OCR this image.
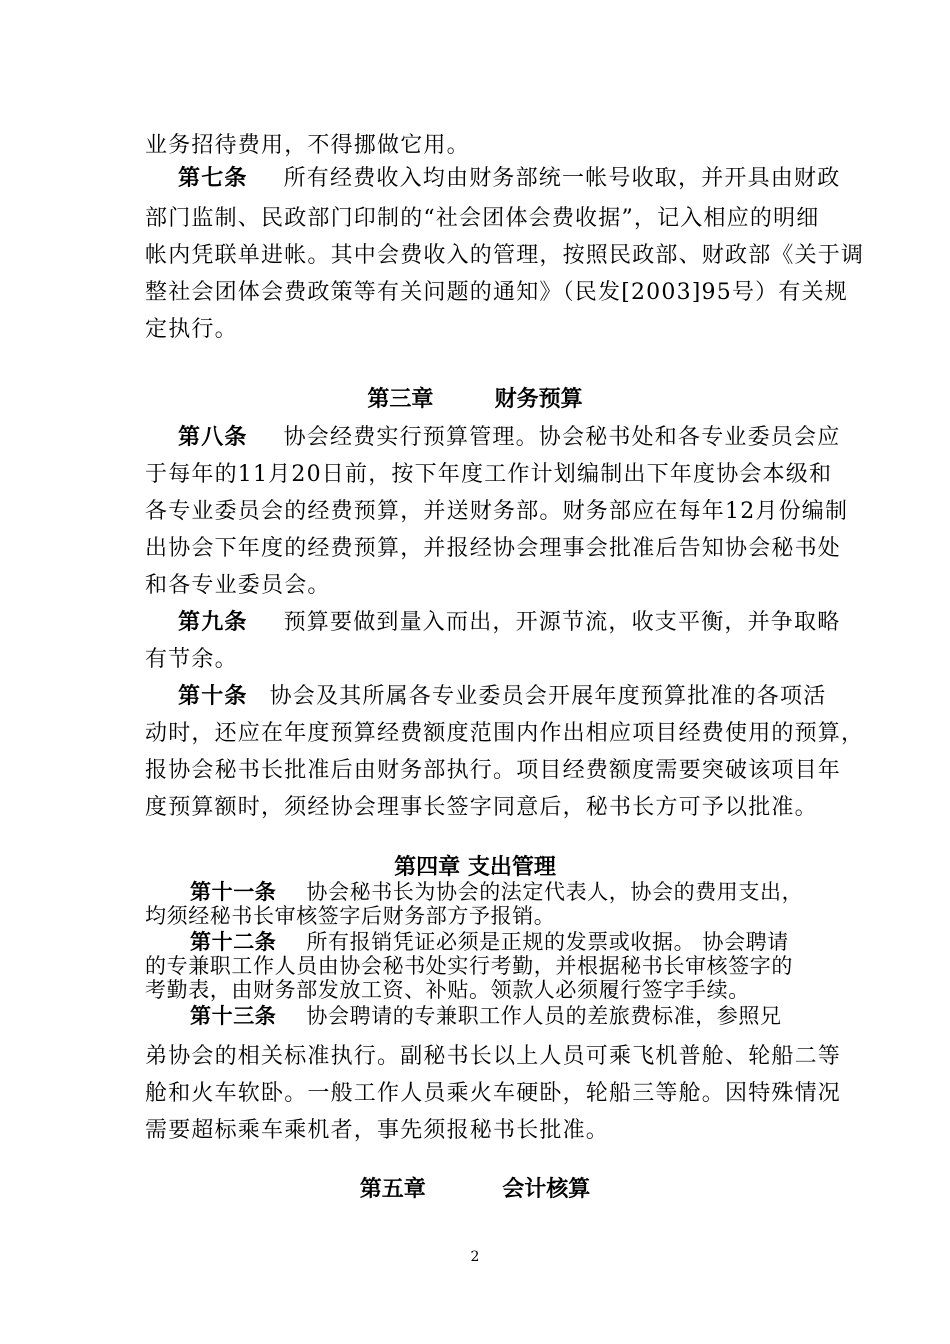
业务招待费用，不得挪做它用。
第七条 所有经费收入均由财务部统一帐号收取，并开具由财政
部门监制、民政部门印制的“社会团体会费收据”，记入相应的明细
帐内凭联单进帐。其中会费收入的管理，按照民政部、财政部《关于调
整社会团体会费政策等有关问题的通知》（民发[2003]95号）有关规
定执行。
第三章        财务预算
第八条 协会经费实行预算管理。协会秘书处和各专业委员会应
于每年的11月20日前，按下年度工作计划编制出下年度协会本级和
各专业委员会的经费预算，并送财务部。财务部应在每年12月份编制
出协会下年度的经费预算，并报经协会理事会批准后告知协会秘书处
和各专业委员会。
第九条 预算要做到量入而出，开源节流，收支平衡，并争取略
有节余。
第十条 协会及其所属各专业委员会开展年度预算批准的各项活
动时，还应在年度预算经费额度范围内作出相应项目经费使用的预算，
报协会秘书长批准后由财务部执行。项目经费额度需要突破该项目年
度预算额时，须经协会理事长签字同意后，秘书长方可予以批准。
第四章 支出管理
第十一条 协会秘书长为协会的法定代表人，协会的费用支出，
均须经秘书长审核签字后财务部方予报销。
第十二条 所有报销凭证必须是正规的发票或收据。 协会聘请
的专兼职工作人员由协会秘书处实行考勤，并根据秘书长审核签字的
考勤表，由财务部发放工资、补贴。领款人必须履行签字手续。
第十三条 协会聘请的专兼职工作人员的差旅费标准，参照兄
弟协会的相关标准执行。副秘书长以上人员可乘飞机普舱、轮船二等
舱和火车软卧。一般工作人员乘火车硬卧，轮船三等舱。因特殊情况
需要超标乘车乘机者，事先须报秘书长批准。
第五章          会计核算
2
